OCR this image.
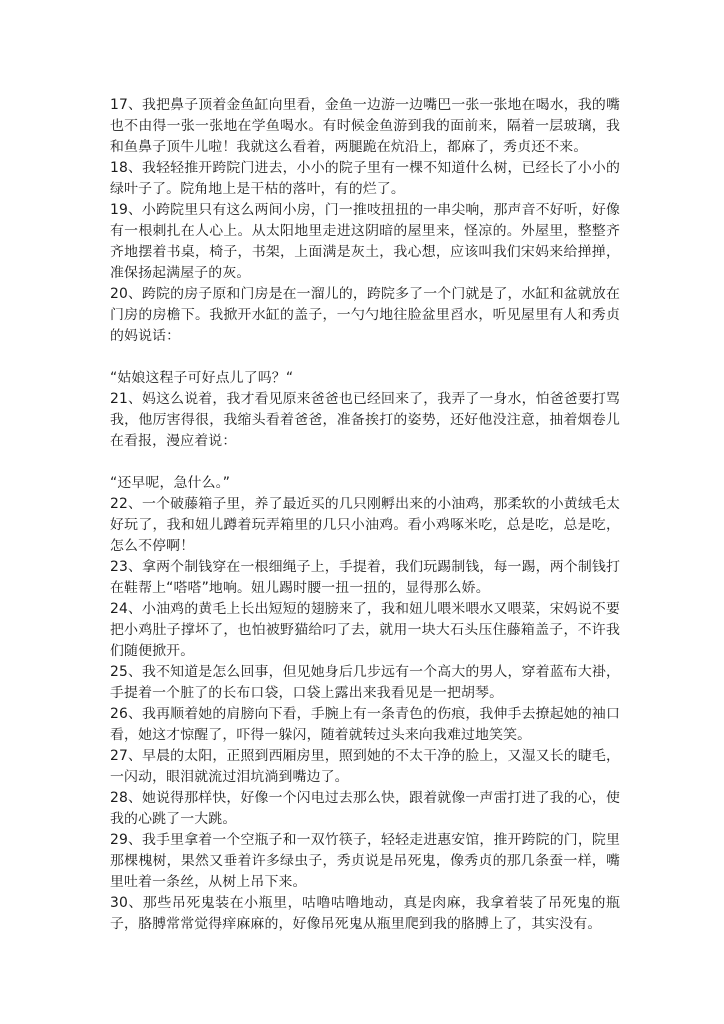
17、我把鼻子顶着金鱼缸向里看，金鱼一边游一边嘴巴一张一张地在喝水，我的嘴也不由得一张一张地在学鱼喝水。有时候金鱼游到我的面前来，隔着一层玻璃，我和鱼鼻子顶牛儿啦！我就这么看着，两腿跪在炕沿上，都麻了，秀贞还不来。

18、我轻轻推开跨院门进去，小小的院子里有一棵不知道什么树，已经长了小小的绿叶子了。院角地上是干枯的落叶，有的烂了。

19、小跨院里只有这么两间小房，门一推吱扭扭的一串尖响，那声音不好听，好像有一根刺扎在人心上。从太阳地里走进这阴暗的屋里来，怪凉的。外屋里，整整齐齐地摆着书桌，椅子，书架，上面满是灰土，我心想，应该叫我们宋妈来给掸掸，准保扬起满屋子的灰。

20、跨院的房子原和门房是在一溜儿的，跨院多了一个门就是了，水缸和盆就放在门房的房檐下。我掀开水缸的盖子，一勺勺地往脸盆里舀水，听见屋里有人和秀贞的妈说话：

“姑娘这程子可好点儿了吗？“

21、妈这么说着，我才看见原来爸爸也已经回来了，我弄了一身水，怕爸爸要打骂我，他厉害得很，我缩头看着爸爸，准备挨打的姿势，还好他没注意，抽着烟卷儿在看报，漫应着说：

“还早呢，急什么。”

22、一个破藤箱子里，养了最近买的几只刚孵出来的小油鸡，那柔软的小黄绒毛太好玩了，我和妞儿蹲着玩弄箱里的几只小油鸡。看小鸡啄米吃，总是吃，总是吃，怎么不停啊！

23、拿两个制钱穿在一根细绳子上，手提着，我们玩踢制钱，每一踢，两个制钱打在鞋帮上“嗒嗒”地响。妞儿踢时腰一扭一扭的，显得那么娇。

24、小油鸡的黄毛上长出短短的翅膀来了，我和妞儿喂米喂水又喂菜，宋妈说不要把小鸡肚子撑坏了，也怕被野猫给叼了去，就用一块大石头压住藤箱盖子，不许我们随便掀开。

25、我不知道是怎么回事，但见她身后几步远有一个高大的男人，穿着蓝布大褂，手提着一个脏了的长布口袋，口袋上露出来我看见是一把胡琴。

26、我再顺着她的肩膀向下看，手腕上有一条青色的伤痕，我伸手去撩起她的袖口看，她这才惊醒了，吓得一躲闪，随着就转过头来向我难过地笑笑。

27、早晨的太阳，正照到西厢房里，照到她的不太干净的脸上，又湿又长的睫毛，一闪动，眼泪就流过泪坑淌到嘴边了。

28、她说得那样快，好像一个闪电过去那么快，跟着就像一声雷打进了我的心，使我的心跳了一大跳。

29、我手里拿着一个空瓶子和一双竹筷子，轻轻走进惠安馆，推开跨院的门，院里那棵槐树，果然又垂着许多绿虫子，秀贞说是吊死鬼，像秀贞的那几条蚕一样，嘴里吐着一条丝，从树上吊下来。

30、那些吊死鬼装在小瓶里，咕噜咕噜地动，真是肉麻，我拿着装了吊死鬼的瓶子，胳膊常常觉得痒麻麻的，好像吊死鬼从瓶里爬到我的胳膊上了，其实没有。
